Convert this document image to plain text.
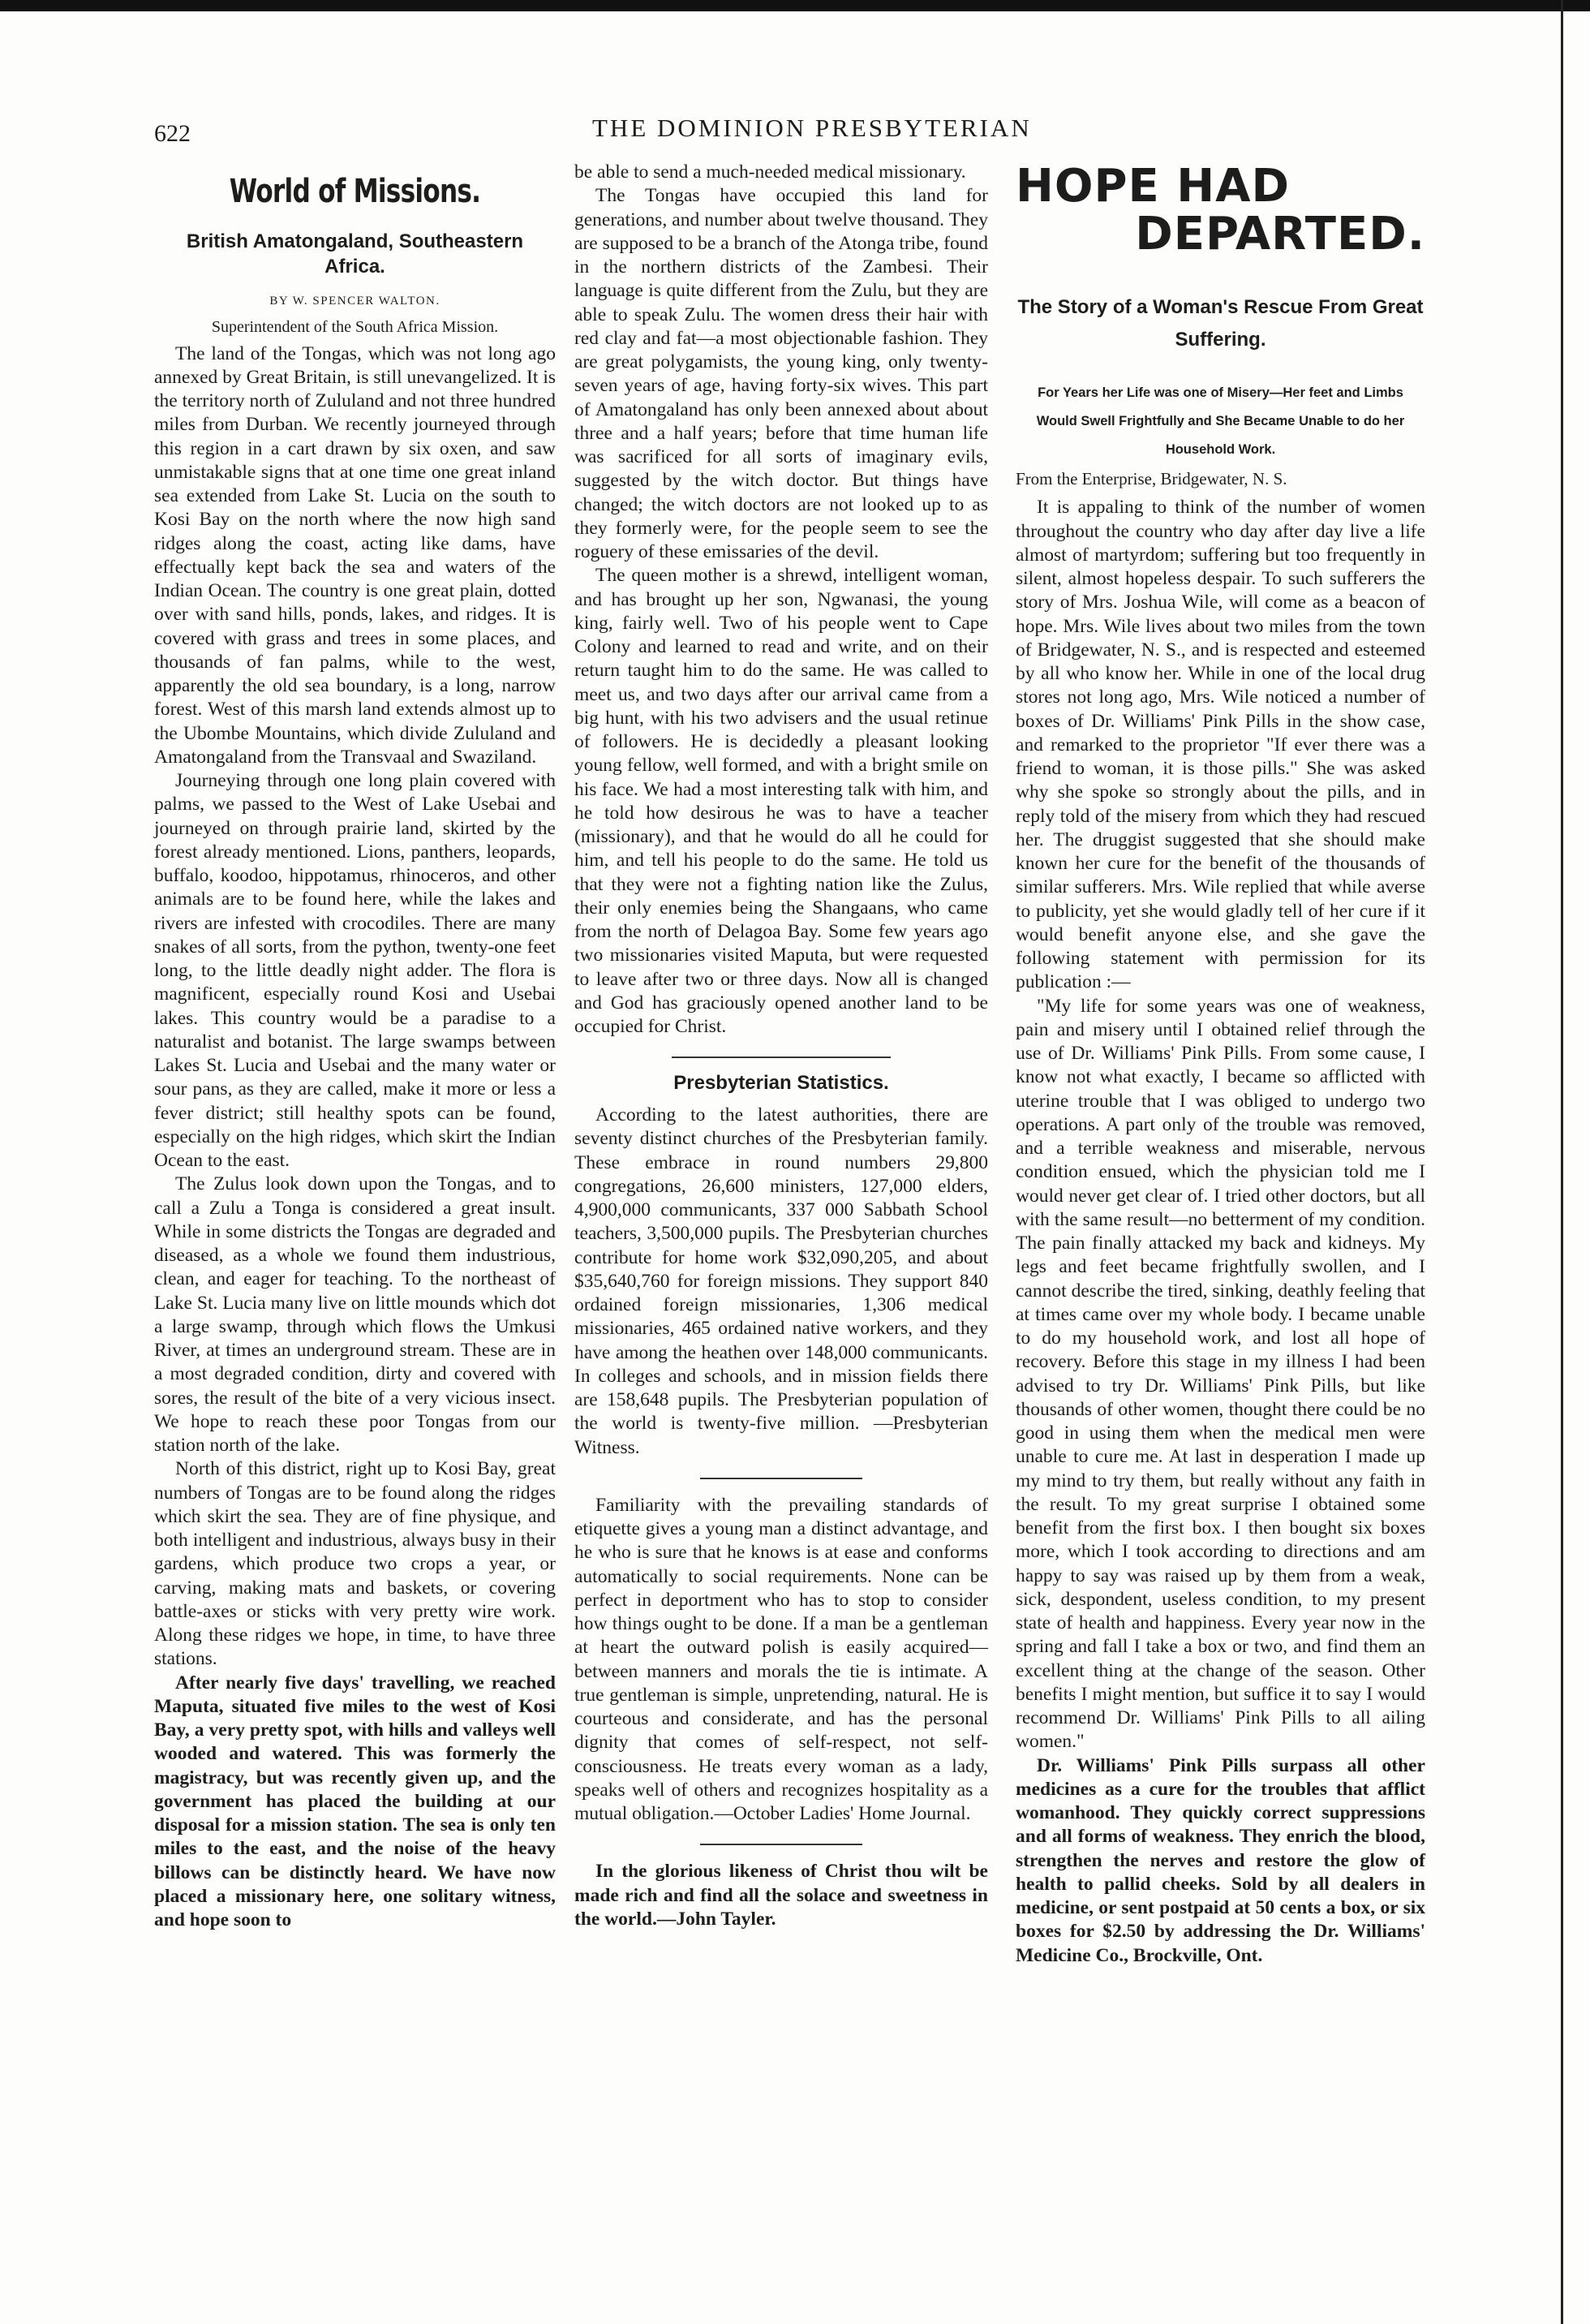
622	THE DOMINION PRESBYTERIAN
World of Missions.
British Amatongaland, Southeastern Africa.
BY W. SPENCER WALTON.
Superintendent of the South Africa Mission.

The land of the Tongas, which was not long ago annexed by Great Britain, is still unevangelized. It is the territory north of Zululand and not three hundred miles from Durban. We recently journeyed through this region in a cart drawn by six oxen, and saw unmistakable signs that at one time one great inland sea extended from Lake St. Lucia on the south to Kosi Bay on the north where the now high sand ridges along the coast, acting like dams, have effectually kept back the sea and waters of the Indian Ocean. The country is one great plain, dotted over with sand hills, ponds, lakes, and ridges. It is covered with grass and trees in some places, and thousands of fan palms, while to the west, apparently the old sea boundary, is a long, narrow forest. West of this marsh land extends almost up to the Ubombe Mountains, which divide Zululand and Amatongaland from the Transvaal and Swaziland.

Journeying through one long plain covered with palms, we passed to the West of Lake Usebai and journeyed on through prairie land, skirted by the forest already mentioned. Lions, panthers, leopards, buffalo, koodoo, hippotamus, rhinoceros, and other animals are to be found here, while the lakes and rivers are infested with crocodiles. There are many snakes of all sorts, from the python, twenty-one feet long, to the little deadly night adder. The flora is magnificent, especially round Kosi and Usebai lakes. This country would be a paradise to a naturalist and botanist. The large swamps between Lakes St. Lucia and Usebai and the many water or sour pans, as they are called, make it more or less a fever district; still healthy spots can be found, especially on the high ridges, which skirt the Indian Ocean to the east.

The Zulus look down upon the Tongas, and to call a Zulu a Tonga is considered a great insult. While in some districts the Tongas are degraded and diseased, as a whole we found them industrious, clean, and eager for teaching. To the northeast of Lake St. Lucia many live on little mounds which dot a large swamp, through which flows the Umkusi River, at times an underground stream. These are in a most degraded condition, dirty and covered with sores, the result of the bite of a very vicious insect. We hope to reach these poor Tongas from our station north of the lake.

North of this district, right up to Kosi Bay, great numbers of Tongas are to be found along the ridges which skirt the sea. They are of fine physique, and both intelligent and industrious, always busy in their gardens, which produce two crops a year, or carving, making mats and baskets, or covering battle-axes or sticks with very pretty wire work. Along these ridges we hope, in time, to have three stations.

After nearly five days' travelling, we reached Maputa, situated five miles to the west of Kosi Bay, a very pretty spot, with hills and valleys well wooded and watered. This was formerly the magistracy, but was recently given up, and the government has placed the building at our disposal for a mission station. The sea is only ten miles to the east, and the noise of the heavy billows can be distinctly heard. We have now placed a missionary here, one solitary witness, and hope soon to

be able to send a much-needed medical missionary.

The Tongas have occupied this land for generations, and number about twelve thousand. They are supposed to be a branch of the Atonga tribe, found in the northern districts of the Zambesi. Their language is quite different from the Zulu, but they are able to speak Zulu. The women dress their hair with red clay and fat—a most objectionable fashion. They are great polygamists, the young king, only twenty-seven years of age, having forty-six wives. This part of Amatongaland has only been annexed about about three and a half years; before that time human life was sacrificed for all sorts of imaginary evils, suggested by the witch doctor. But things have changed; the witch doctors are not looked up to as they formerly were, for the people seem to see the roguery of these emissaries of the devil.

The queen mother is a shrewd, intelligent woman, and has brought up her son, Ngwanasi, the young king, fairly well. Two of his people went to Cape Colony and learned to read and write, and on their return taught him to do the same. He was called to meet us, and two days after our arrival came from a big hunt, with his two advisers and the usual retinue of followers. He is decidedly a pleasant looking young fellow, well formed, and with a bright smile on his face. We had a most interesting talk with him, and he told how desirous he was to have a teacher (missionary), and that he would do all he could for him, and tell his people to do the same. He told us that they were not a fighting nation like the Zulus, their only enemies being the Shangaans, who came from the north of Delagoa Bay. Some few years ago two missionaries visited Maputa, but were requested to leave after two or three days. Now all is changed and God has graciously opened another land to be occupied for Christ.

Presbyterian Statistics.

According to the latest authorities, there are seventy distinct churches of the Presbyterian family. These embrace in round numbers 29,800 congregations, 26,600 ministers, 127,000 elders, 4,900,000 communicants, 337 000 Sabbath School teachers, 3,500,000 pupils. The Presbyterian churches contribute for home work $32,090,205, and about $35,640,760 for foreign missions. They support 840 ordained foreign missionaries, 1,306 medical missionaries, 465 ordained native workers, and they have among the heathen over 148,000 communicants. In colleges and schools, and in mission fields there are 158,648 pupils. The Presbyterian population of the world is twenty-five million. —Presbyterian Witness.

Familiarity with the prevailing standards of etiquette gives a young man a distinct advantage, and he who is sure that he knows is at ease and conforms automatically to social requirements. None can be perfect in deportment who has to stop to consider how things ought to be done. If a man be a gentleman at heart the outward polish is easily acquired—between manners and morals the tie is intimate. A true gentleman is simple, unpretending, natural. He is courteous and considerate, and has the personal dignity that comes of self-respect, not self-consciousness. He treats every woman as a lady, speaks well of others and recognizes hospitality as a mutual obligation.—October Ladies' Home Journal.

In the glorious likeness of Christ thou wilt be made rich and find all the solace and sweetness in the world.—John Tayler.

HOPE HAD
DEPARTED.
The Story of a Woman's Rescue From Great Suffering.
For Years her Life was one of Misery—Her feet and Limbs Would Swell Frightfully and She Became Unable to do her Household Work.

From the Enterprise, Bridgewater, N. S.

It is appaling to think of the number of women throughout the country who day after day live a life almost of martyrdom; suffering but too frequently in silent, almost hopeless despair. To such sufferers the story of Mrs. Joshua Wile, will come as a beacon of hope. Mrs. Wile lives about two miles from the town of Bridgewater, N. S., and is respected and esteemed by all who know her. While in one of the local drug stores not long ago, Mrs. Wile noticed a number of boxes of Dr. Williams' Pink Pills in the show case, and remarked to the proprietor "If ever there was a friend to woman, it is those pills." She was asked why she spoke so strongly about the pills, and in reply told of the misery from which they had rescued her. The druggist suggested that she should make known her cure for the benefit of the thousands of similar sufferers. Mrs. Wile replied that while averse to publicity, yet she would gladly tell of her cure if it would benefit anyone else, and she gave the following statement with permission for its publication :—

"My life for some years was one of weakness, pain and misery until I obtained relief through the use of Dr. Williams' Pink Pills. From some cause, I know not what exactly, I became so afflicted with uterine trouble that I was obliged to undergo two operations. A part only of the trouble was removed, and a terrible weakness and miserable, nervous condition ensued, which the physician told me I would never get clear of. I tried other doctors, but all with the same result—no betterment of my condition. The pain finally attacked my back and kidneys. My legs and feet became frightfully swollen, and I cannot describe the tired, sinking, deathly feeling that at times came over my whole body. I became unable to do my household work, and lost all hope of recovery. Before this stage in my illness I had been advised to try Dr. Williams' Pink Pills, but like thousands of other women, thought there could be no good in using them when the medical men were unable to cure me. At last in desperation I made up my mind to try them, but really without any faith in the result. To my great surprise I obtained some benefit from the first box. I then bought six boxes more, which I took according to directions and am happy to say was raised up by them from a weak, sick, despondent, useless condition, to my present state of health and happiness. Every year now in the spring and fall I take a box or two, and find them an excellent thing at the change of the season. Other benefits I might mention, but suffice it to say I would recommend Dr. Williams' Pink Pills to all ailing women."

Dr. Williams' Pink Pills surpass all other medicines as a cure for the troubles that afflict womanhood. They quickly correct suppressions and all forms of weakness. They enrich the blood, strengthen the nerves and restore the glow of health to pallid cheeks. Sold by all dealers in medicine, or sent postpaid at 50 cents a box, or six boxes for $2.50 by addressing the Dr. Williams' Medicine Co., Brockville, Ont.
